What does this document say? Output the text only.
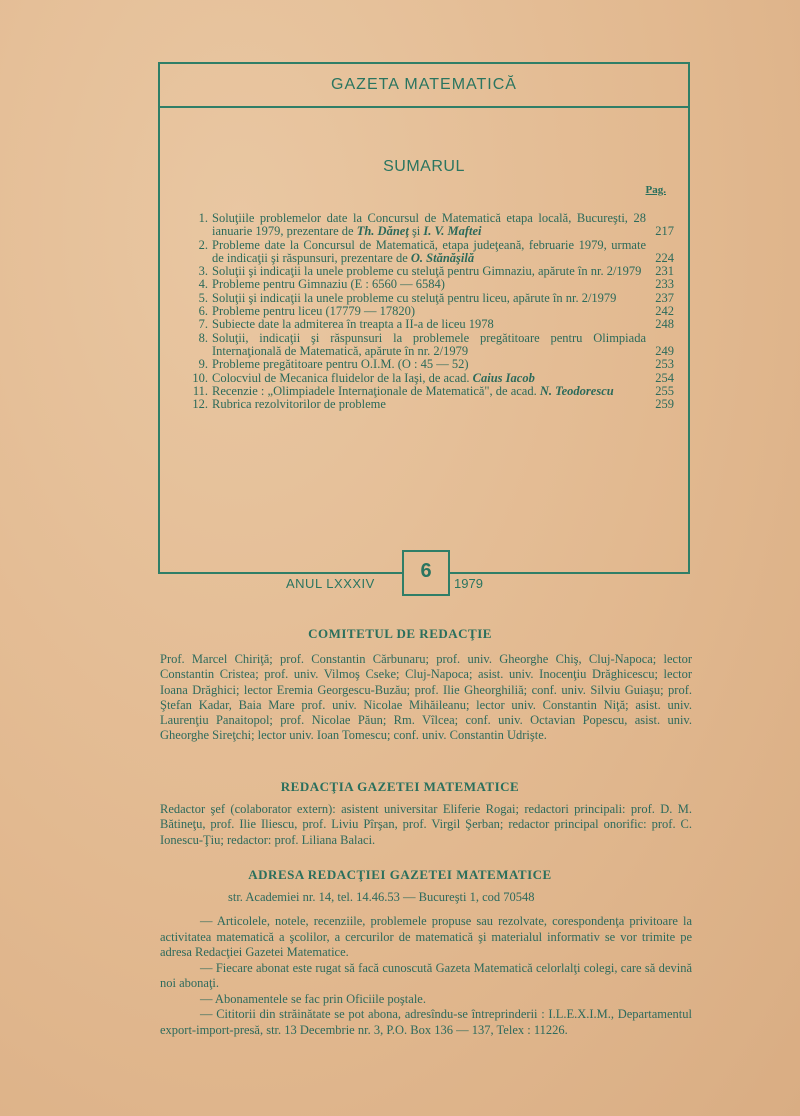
GAZETA MATEMATICĂ
SUMARUL
Pag.
1. Soluţiile problemelor date la Concursul de Matematică etapa locală, Bucureşti, 28 ianuarie 1979, prezentare de Th. Dăneţ şi I. V. Maftei	217
2. Probleme date la Concursul de Matematică, etapa judeţeană, februarie 1979, urmate de indicaţii şi răspunsuri, prezentare de O. Stănăşilă	224
3. Soluţii şi indicaţii la unele probleme cu steluţă pentru Gimnaziu, apărute în nr. 2/1979	231
4. Probleme pentru Gimnaziu (E : 6560 — 6584)	233
5. Soluţii şi indicaţii la unele probleme cu steluţă pentru liceu, apărute în nr. 2/1979	237
6. Probleme pentru liceu (17779 — 17820)	242
7. Subiecte date la admiterea în treapta a II-a de liceu 1978	248
8. Soluţii, indicaţii şi răspunsuri la problemele pregătitoare pentru Olimpiada Internaţională de Matematică, apărute în nr. 2/1979	249
9. Probleme pregătitoare pentru O.I.M. (O : 45 — 52)	253
10. Colocviul de Mecanica fluidelor de la Iaşi, de acad. Caius Iacob	254
11. Recenzie : „Olimpiadele Internaţionale de Matematică", de acad. N. Teodorescu	255
12. Rubrica rezolvitorilor de probleme	259
ANUL LXXXIV
6
1979
COMITETUL DE REDACŢIE
Prof. Marcel Chiriţă; prof. Constantin Cărbunaru; prof. univ. Gheorghe Chiş, Cluj-Napoca; lector Constantin Cristea; prof. univ. Vilmoş Cseke; Cluj-Napoca; asist. univ. Inocenţiu Drăghicescu; lector Ioana Drăghici; lector Eremia Georgescu-Buzău; prof. Ilie Gheorghiliă; conf. univ. Silviu Guiaşu; prof. Ştefan Kadar, Baia Mare prof. univ. Nicolae Mihăileanu; lector univ. Constantin Niţă; asist. univ. Laurenţiu Panaitopol; prof. Nicolae Păun; Rm. Vîlcea; conf. univ. Octavian Popescu, asist. univ. Gheorghe Sireţchi; lector univ. Ioan Tomescu; conf. univ. Constantin Udrişte.
REDACŢIA GAZETEI MATEMATICE
Redactor şef (colaborator extern): asistent universitar Eliferie Rogai; redactori principali: prof. D. M. Bătineţu, prof. Ilie Iliescu, prof. Liviu Pîrşan, prof. Virgil Şerban; redactor principal onorific: prof. C. Ionescu-Ţiu; redactor: prof. Liliana Balaci.
ADRESA REDACŢIEI GAZETEI MATEMATICE
str. Academiei nr. 14, tel. 14.46.53 — Bucureşti 1, cod 70548

— Articolele, notele, recenziile, problemele propuse sau rezolvate, corespondenţa privitoare la activitatea matematică a şcolilor, a cercurilor de matematică şi materialul informativ se vor trimite pe adresa Redacţiei Gazetei Matematice.

— Fiecare abonat este rugat să facă cunoscută Gazeta Matematică celorlalţi colegi, care să devină noi abonaţi.

— Abonamentele se fac prin Oficiile poştale.

— Cititorii din străinătate se pot abona, adresîndu-se întreprinderii : I.L.E.X.I.M., Departamentul export-import-presă, str. 13 Decembrie nr. 3, P.O. Box 136 — 137, Telex : 11226.
